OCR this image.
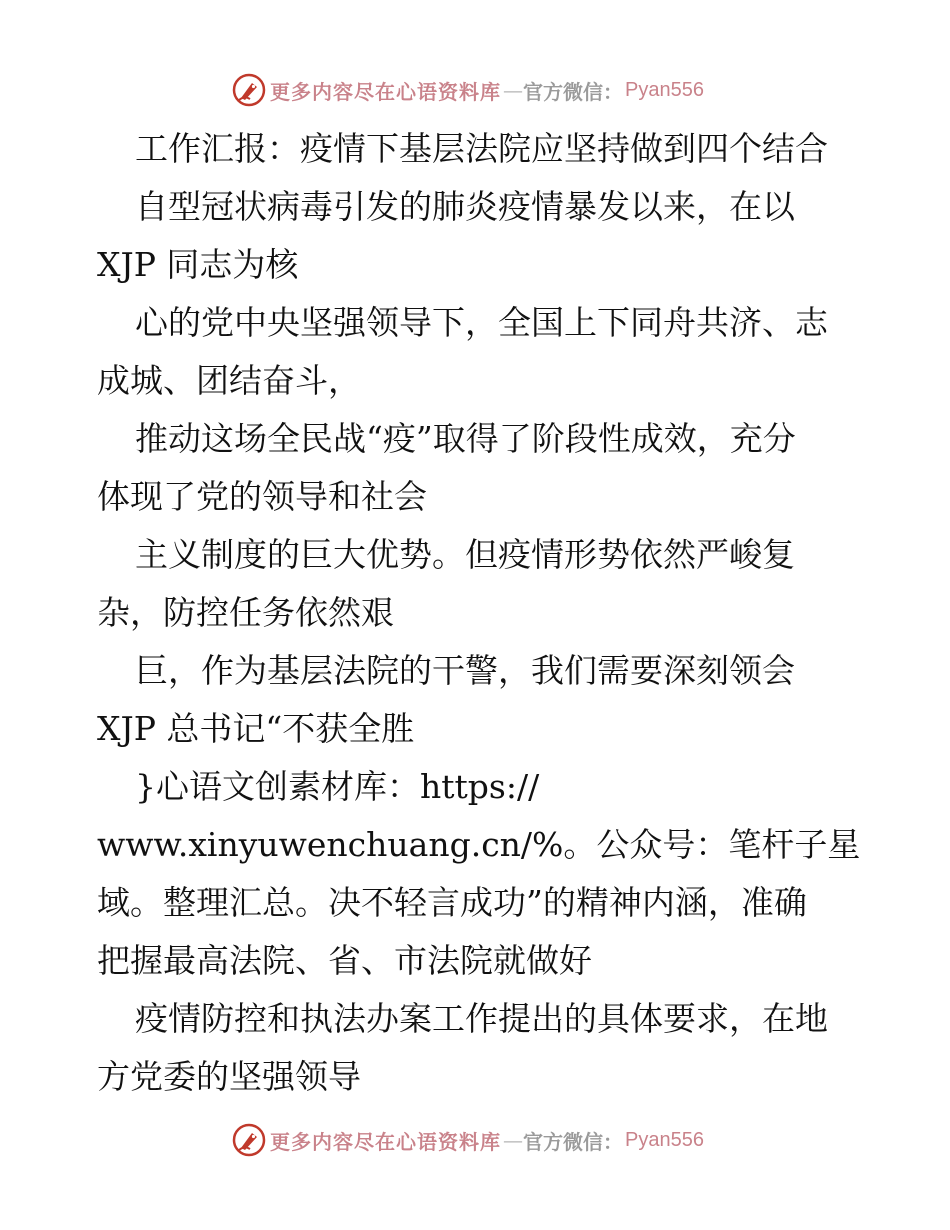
更多内容尽在心语资料库 — 官方微信： Pyan556
工作汇报：疫情下基层法院应坚持做到四个结合
自型冠状病毒引发的肺炎疫情暴发以来，在以
XJP 同志为核
心的党中央坚强领导下，全国上下同舟共济、志
成城、团结奋斗，
推动这场全民战“疫”取得了阶段性成效，充分
体现了党的领导和社会
主义制度的巨大优势。但疫情形势依然严峻复
杂，防控任务依然艰
巨，作为基层法院的干警，我们需要深刻领会
XJP 总书记“不获全胜
}心语文创素材库：https://
www.xinyuwenchuang.cn/%。公众号：笔杆子星
域。整理汇总。决不轻言成功”的精神内涵，准确
把握最高法院、省、市法院就做好
疫情防控和执法办案工作提出的具体要求，在地
方党委的坚强领导
更多内容尽在心语资料库 — 官方微信： Pyan556
